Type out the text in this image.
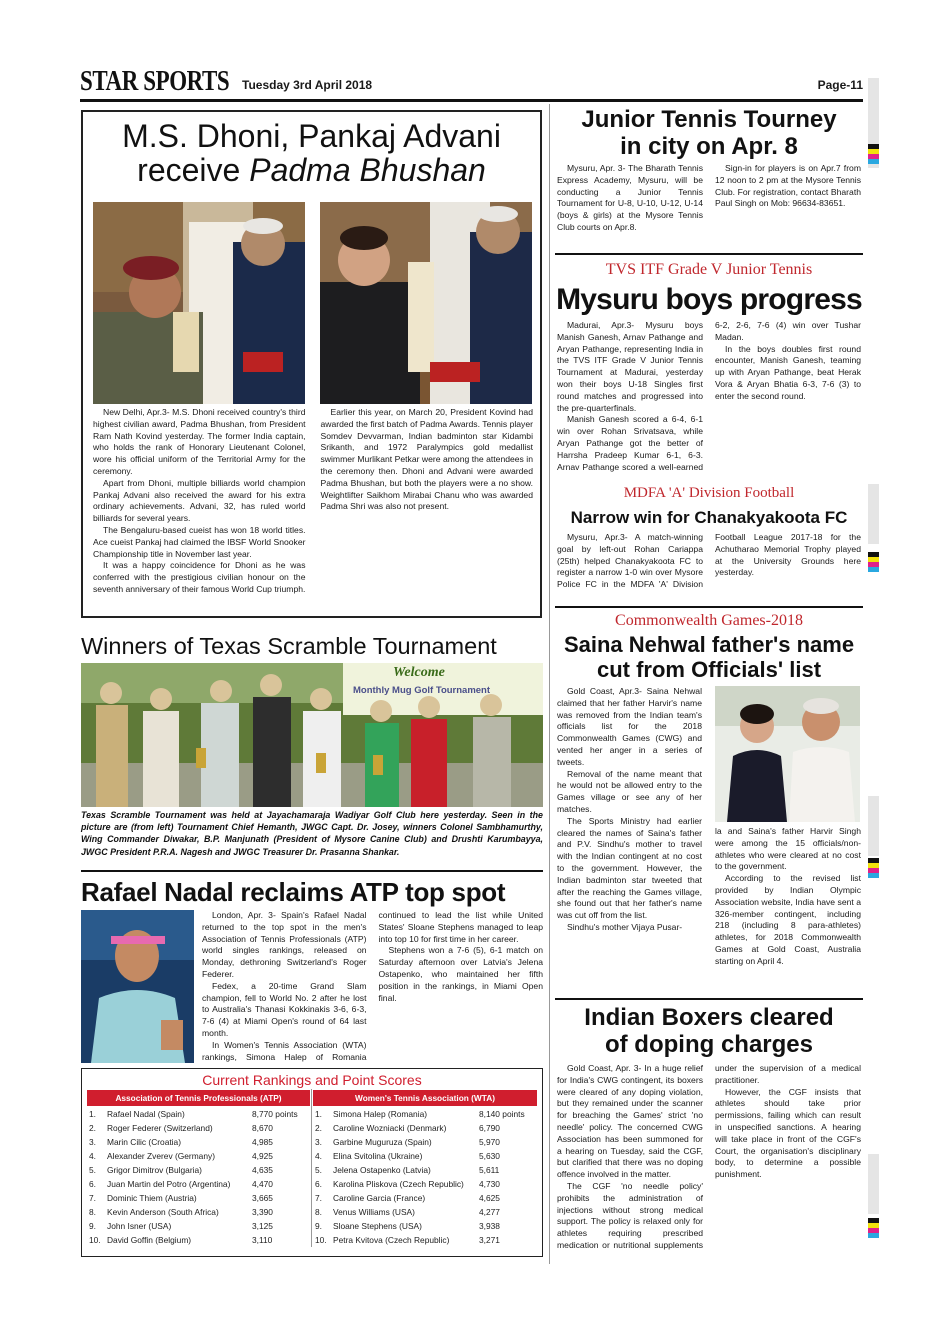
STAR SPORTS Tuesday 3rd April 2018	Page-11
M.S. Dhoni, Pankaj Advani
receive Padma Bhushan

New Delhi, Apr.3- M.S. Dhoni received country's third highest civilian award, Padma Bhushan, from President Ram Nath Kovind yesterday. The former India captain, who holds the rank of Honorary Lieutenant Colonel, wore his official uniform of the Territorial Army for the ceremony.

Apart from Dhoni, multiple billiards world champion Pankaj Advani also received the award for his extra ordinary achievements. Advani, 32, has ruled world billiards for several years.

The Bengaluru-based cueist has won 18 world titles. Ace cueist Pankaj had claimed the IBSF World Snooker Championship title in November last year.

It was a happy coincidence for Dhoni as he was conferred with the prestigious civilian honour on the seventh anniversary of their famous World Cup triumph.

Earlier this year, on March 20, President Kovind had awarded the first batch of Padma Awards. Tennis player Somdev Devvarman, Indian badminton star Kidambi Srikanth, and 1972 Paralympics gold medallist swimmer Murlikant Petkar were among the attendees in the ceremony then. Dhoni and Advani were awarded Padma Bhushan, but both the players were a no show. Weightlifter Saikhom Mirabai Chanu who was awarded Padma Shri was also not present.

Winners of Texas Scramble Tournament
Welcome
Monthly Mug Golf Tournament
Texas Scramble Tournament was held at Jayachamaraja Wadiyar Golf Club here yesterday. Seen in the picture are (from left) Tournament Chief Hemanth, JWGC Capt. Dr. Josey, winners Colonel Sambhamurthy, Wing Commander Diwakar, B.P. Manjunath (President of Mysore Canine Club) and Drushti Karumbayya, JWGC President P.R.A. Nagesh and JWGC Treasurer Dr. Prasanna Shankar.
Rafael Nadal reclaims ATP top spot

London, Apr. 3- Spain's Rafael Nadal returned to the top spot in the men's Association of Tennis Professionals (ATP) world singles rankings, released on Monday, dethroning Switzerland's Roger Federer.

Fedex, a 20-time Grand Slam champion, fell to World No. 2 after he lost to Australia's Thanasi Kokkinakis 3-6, 6-3, 7-6 (4) at Miami Open's round of 64 last month.

In Women's Tennis Association (WTA) rankings, Simona Halep of Romania continued to lead the list while United States' Sloane Stephens managed to leap into top 10 for first time in her career.

Stephens won a 7-6 (5), 6-1 match on Saturday afternoon over Latvia's Jelena Ostapenko, who maintained her fifth position in the rankings, in Miami Open final.

Current Rankings and Point Scores
Association of Tennis Professionals (ATP)
1.	Rafael Nadal (Spain)	8,770 points
2.	Roger Federer (Switzerland)	8,670
3.	Marin Cilic (Croatia)	4,985
4.	Alexander Zverev (Germany)	4,925
5.	Grigor Dimitrov (Bulgaria)	4,635
6.	Juan Martin del Potro (Argentina)	4,470
7.	Dominic Thiem (Austria)	3,665
8.	Kevin Anderson (South Africa)	3,390
9.	John Isner (USA)	3,125
10.	David Goffin (Belgium)	3,110
Women's Tennis Association (WTA)
1.	Simona Halep (Romania)	8,140 points
2.	Caroline Wozniacki (Denmark)	6,790
3.	Garbine Muguruza (Spain)	5,970
4.	Elina Svitolina (Ukraine)	5,630
5.	Jelena Ostapenko (Latvia)	5,611
6.	Karolina Pliskova (Czech Republic)	4,730
7.	Caroline Garcia (France)	4,625
8.	Venus Williams (USA)	4,277
9.	Sloane Stephens (USA)	3,938
10.	Petra Kvitova (Czech Republic)	3,271
Junior Tennis Tourney
in city on Apr. 8

Mysuru, Apr. 3- The Bharath Tennis Express Academy, Mysuru, will be conducting a Junior Tennis Tournament for U-8, U-10, U-12, U-14 (boys & girls) at the Mysore Tennis Club courts on Apr.8.

Sign-in for players is on Apr.7 from 12 noon to 2 pm at the Mysore Tennis Club. For registration, contact Bharath Paul Singh on Mob: 96634-83651.

TVS ITF Grade V Junior Tennis
Mysuru boys progress

Madurai, Apr.3- Mysuru boys Manish Ganesh, Arnav Pathange and Aryan Pathange, representing India in the TVS ITF Grade V Junior Tennis Tournament at Madurai, yesterday won their boys U-18 Singles first round matches and progressed into the pre-quarterfinals.

Manish Ganesh scored a 6-4, 6-1 win over Rohan Srivatsava, while Aryan Pathange got the better of Harrsha Pradeep Kumar 6-1, 6-3. Arnav Pathange scored a well-earned 6-2, 2-6, 7-6 (4) win over Tushar Madan.

In the boys doubles first round encounter, Manish Ganesh, teaming up with Aryan Pathange, beat Herak Vora & Aryan Bhatia 6-3, 7-6 (3) to enter the second round.

MDFA 'A' Division Football
Narrow win for Chanakyakoota FC

Mysuru, Apr.3- A match-winning goal by left-out Rohan Cariappa (25th) helped Chanakyakoota FC to register a narrow 1-0 win over Mysore Police FC in the MDFA 'A' Division Football League 2017-18 for the Achutharao Memorial Trophy played at the University Grounds here yesterday.

Commonwealth Games-2018
Saina Nehwal father's name
cut from Officials' list

Gold Coast, Apr.3- Saina Nehwal claimed that her father Harvir's name was removed from the Indian team's officials list for the 2018 Commonwealth Games (CWG) and vented her anger in a series of tweets.

Removal of the name meant that he would not be allowed entry to the Games village or see any of her matches.

The Sports Ministry had earlier cleared the names of Saina's father and P.V. Sindhu's mother to travel with the Indian contingent at no cost to the government. However, the Indian badminton star tweeted that after the reaching the Games village, she found out that her father's name was cut off from the list.

Sindhu's mother Vijaya Pusar-

la and Saina's father Harvir Singh were among the 15 officials/non-athletes who were cleared at no cost to the government.

According to the revised list provided by Indian Olympic Association website, India have sent a 326-member contingent, including 218 (including 8 para-athletes) athletes, for 2018 Commonwealth Games at Gold Coast, Australia starting on April 4.

Indian Boxers cleared
of doping charges

Gold Coast, Apr. 3- In a huge relief for India's CWG contingent, its boxers were cleared of any doping violation, but they remained under the scanner for breaching the Games' strict 'no needle' policy. The concerned CWG Association has been summoned for a hearing on Tuesday, said the CGF, but clarified that there was no doping offence involved in the matter.

The CGF 'no needle policy' prohibits the administration of injections without strong medical support. The policy is relaxed only for athletes requiring prescribed medication or nutritional supplements under the supervision of a medical practitioner.

However, the CGF insists that athletes should take prior permissions, failing which can result in unspecified sanctions. A hearing will take place in front of the CGF's Court, the organisation's disciplinary body, to determine a possible punishment.
